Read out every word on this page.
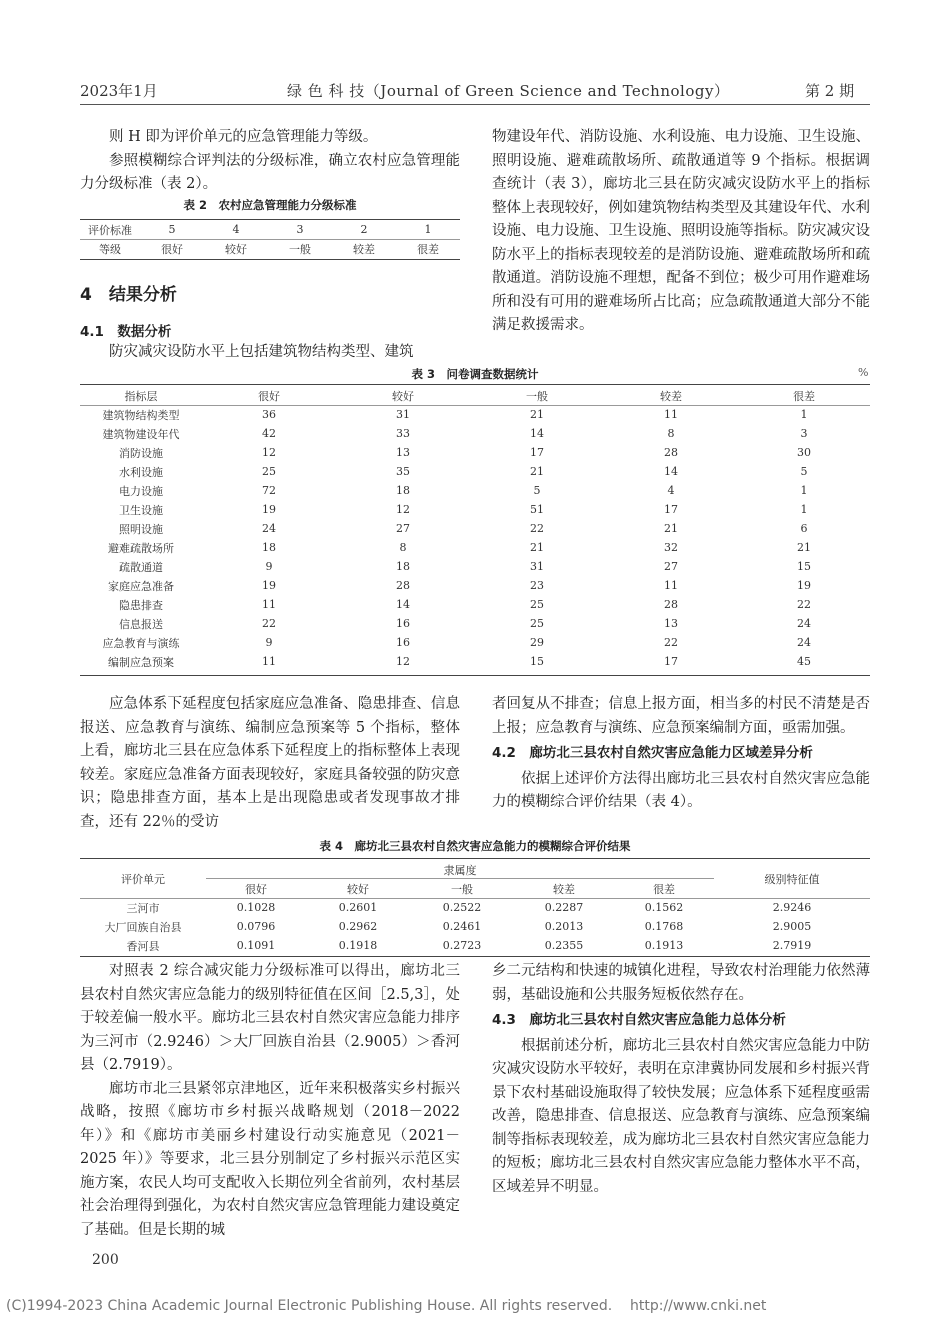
2023年1月	绿 色 科 技（Journal of Green Science and Technology）	第 2 期

则 H 即为评价单元的应急管理能力等级。

参照模糊综合评判法的分级标准，确立农村应急管理能力分级标准（表 2）。

表 2　农村应急管理能力分级标准
评价标准	5	4	3	2	1
等级	很好	较好	一般	较差	很差
4　结果分析
4.1　数据分析

防灾减灾设防水平上包括建筑物结构类型、建筑

物建设年代、消防设施、水利设施、电力设施、卫生设施、照明设施、避难疏散场所、疏散通道等 9 个指标。根据调查统计（表 3），廊坊北三县在防灾减灾设防水平上的指标整体上表现较好，例如建筑物结构类型及其建设年代、水利设施、电力设施、卫生设施、照明设施等指标。防灾减灾设防水平上的指标表现较差的是消防设施、避难疏散场所和疏散通道。消防设施不理想，配备不到位；极少可用作避难场所和没有可用的避难场所占比高；应急疏散通道大部分不能满足救援需求。

表 3　问卷调查数据统计	%
指标层	很好	较好	一般	较差	很差
建筑物结构类型	36	31	21	11	1
建筑物建设年代	42	33	14	8	3
消防设施	12	13	17	28	30
水利设施	25	35	21	14	5
电力设施	72	18	5	4	1
卫生设施	19	12	51	17	1
照明设施	24	27	22	21	6
避难疏散场所	18	8	21	32	21
疏散通道	9	18	31	27	15
家庭应急准备	19	28	23	11	19
隐患排查	11	14	25	28	22
信息报送	22	16	25	13	24
应急教育与演练	9	16	29	22	24
编制应急预案	11	12	15	17	45

应急体系下延程度包括家庭应急准备、隐患排查、信息报送、应急教育与演练、编制应急预案等 5 个指标，整体上看，廊坊北三县在应急体系下延程度上的指标整体上表现较差。家庭应急准备方面表现较好，家庭具备较强的防灾意识；隐患排查方面，基本上是出现隐患或者发现事故才排查，还有 22％的受访

者回复从不排查；信息上报方面，相当多的村民不清楚是否上报；应急教育与演练、应急预案编制方面，亟需加强。

4.2　廊坊北三县农村自然灾害应急能力区域差异分析

依据上述评价方法得出廊坊北三县农村自然灾害应急能力的模糊综合评价结果（表 4）。

表 4　廊坊北三县农村自然灾害应急能力的模糊综合评价结果
评价单元	隶属度					级别特征值
	很好	较好	一般	较差	很差	
三河市	0.1028	0.2601	0.2522	0.2287	0.1562	2.9246
大厂回族自治县	0.0796	0.2962	0.2461	0.2013	0.1768	2.9005
香河县	0.1091	0.1918	0.2723	0.2355	0.1913	2.7919

对照表 2 综合减灾能力分级标准可以得出，廊坊北三县农村自然灾害应急能力的级别特征值在区间［2.5,3］，处于较差偏一般水平。廊坊北三县农村自然灾害应急能力排序为三河市（2.9246）＞大厂回族自治县（2.9005）＞香河县（2.7919）。

廊坊市北三县紧邻京津地区，近年来积极落实乡村振兴战略，按照《廊坊市乡村振兴战略规划（2018－2022 年）》和《廊坊市美丽乡村建设行动实施意见（2021－2025 年）》等要求，北三县分别制定了乡村振兴示范区实施方案，农民人均可支配收入长期位列全省前列，农村基层社会治理得到强化，为农村自然灾害应急管理能力建设奠定了基础。但是长期的城

乡二元结构和快速的城镇化进程，导致农村治理能力依然薄弱，基础设施和公共服务短板依然存在。

4.3　廊坊北三县农村自然灾害应急能力总体分析

根据前述分析，廊坊北三县农村自然灾害应急能力中防灾减灾设防水平较好，表明在京津冀协同发展和乡村振兴背景下农村基础设施取得了较快发展；应急体系下延程度亟需改善，隐患排查、信息报送、应急教育与演练、应急预案编制等指标表现较差，成为廊坊北三县农村自然灾害应急能力的短板；廊坊北三县农村自然灾害应急能力整体水平不高，区域差异不明显。

200
(C)1994-2023 China Academic Journal Electronic Publishing House. All rights reserved.    http://www.cnki.net
